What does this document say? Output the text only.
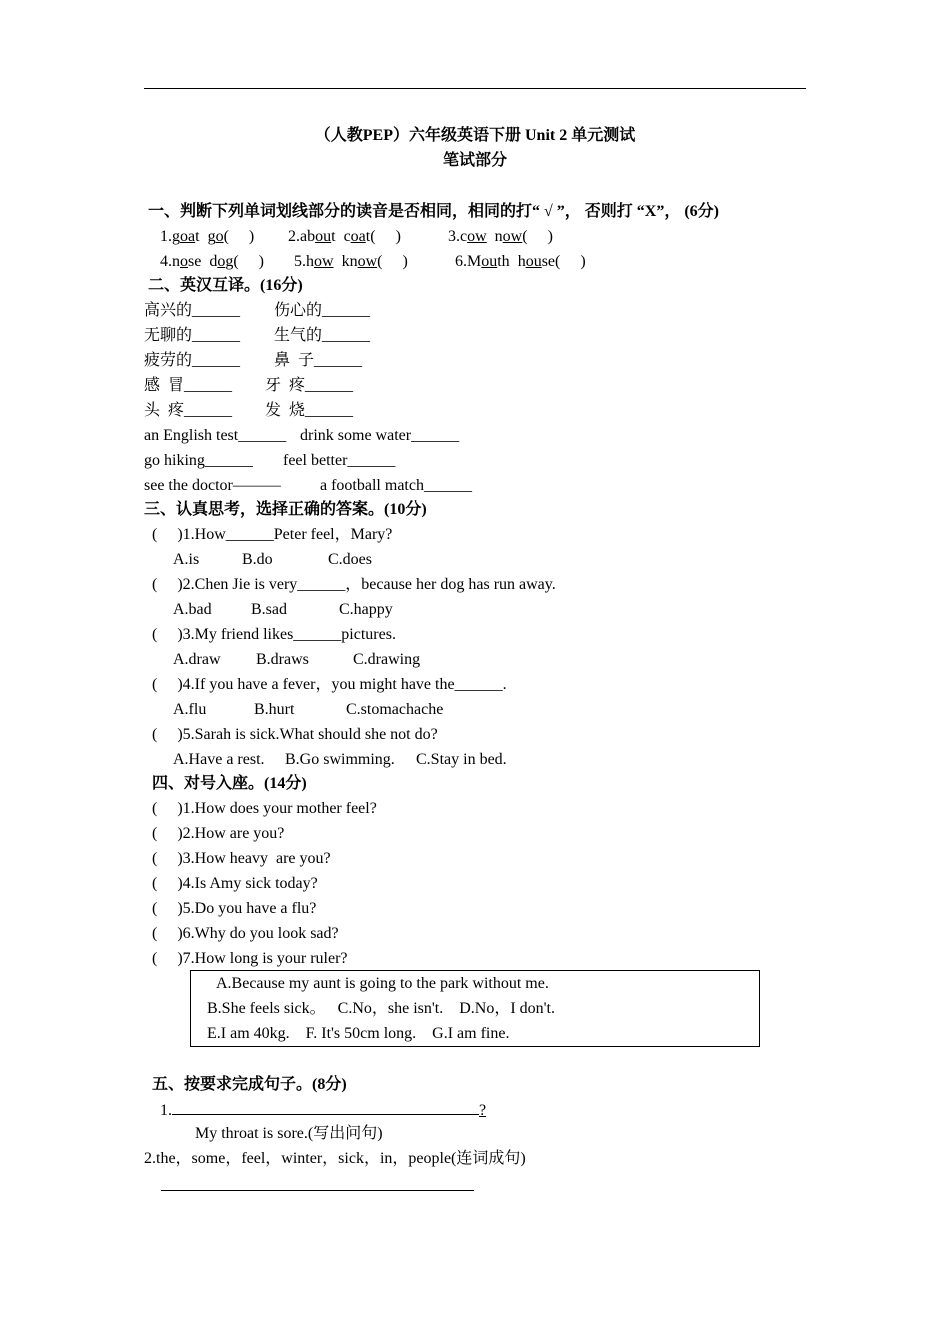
（人教PEP）六年级英语下册 Unit 2 单元测试
笔试部分
一、判断下列单词划线部分的读音是否相同，相同的打“ √ ”， 否则打 “X”， (6分)
1.goat go(     ) 2.about coat(     )	3.cow now(     )
4.nose dog(     ) 5.how know(     )	6.Mouth house(     )
二、英汉互译。(16分)
高兴的______ 伤心的______
无聊的______ 生气的______
疲劳的______ 鼻  子______
感  冒______ 牙  疼______
头  疼______ 发  烧______
an English test______ drink some water______
go hiking______ feel better______
see the doctor——— a football match______
三、认真思考，选择正确的答案。(10分)
(     )1.How______Peter feel，Mary?
A.is	B.do	C.does
(     )2.Chen Jie is very______，because her dog has run away.
A.bad B.sad	C.happy
(     )3.My friend likes______pictures.
A.draw B.draws	C.drawing
(     )4.If you have a fever，you might have the______.
A.flu	B.hurt	C.stomachache
(     )5.Sarah is sick.What should she not do?
A.Have a rest. B.Go swimming. C.Stay in bed.
四、对号入座。(14分)
(     )1.How does your mother feel?
(     )2.How are you?
(     )3.How heavy  are you?
(     )4.Is Amy sick today?
(     )5.Do you have a flu?
(     )6.Why do you look sad?
(     )7.How long is your ruler?
A.Because my aunt is going to the park without me.
B.She feels sick。   C.No，she isn't.    D.No，I don't.
E.I am 40kg.    F. It's 50cm long.    G.I am fine.
五、按要求完成句子。(8分)
1.	?
My throat is sore.(写出问句)
2.the，some，feel，winter，sick，in，people(连词成句)
